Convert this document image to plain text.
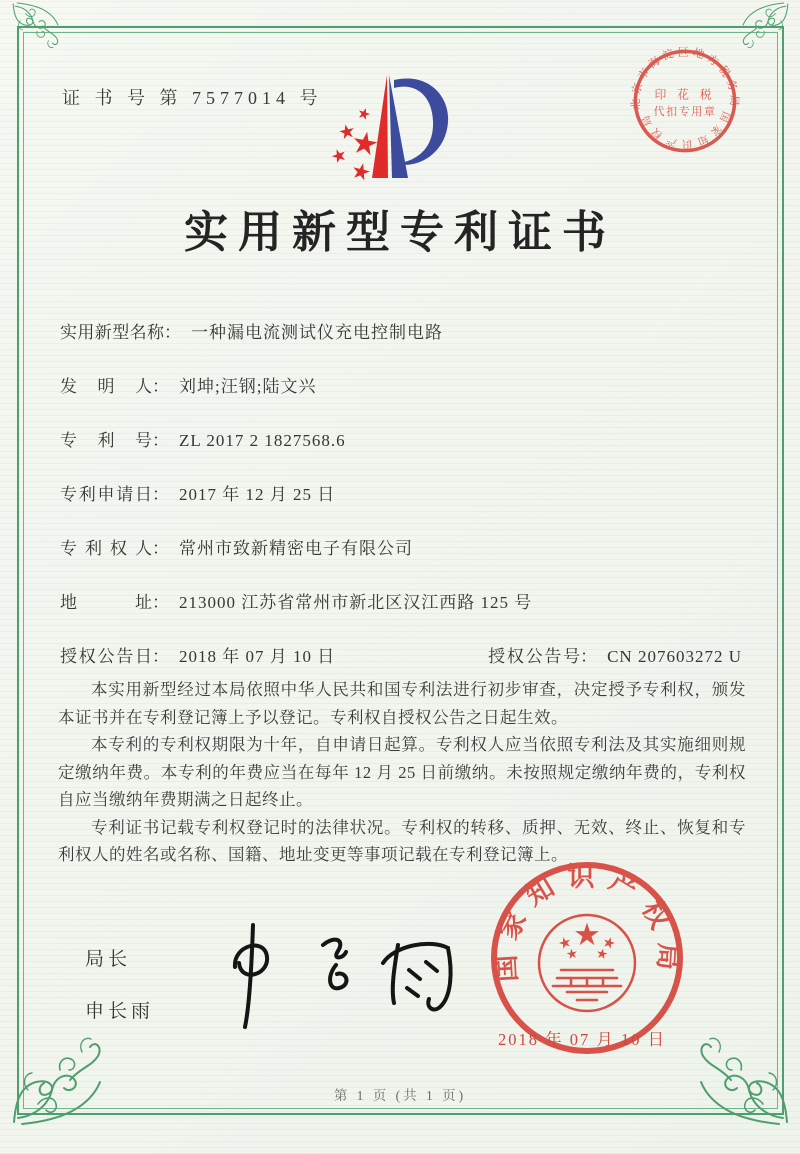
证 书 号 第 7577014 号	北京市海淀区地方税务局
国家知识产权局
印 花 税
代扣专用章
实用新型专利证书
实用新型名称： 一种漏电流测试仪充电控制电路
发明人： 刘坤;汪钢;陆文兴
专利号： ZL 2017 2 1827568.6
专利申请日： 2017 年 12 月 25 日
专利权人： 常州市致新精密电子有限公司
地址： 213000 江苏省常州市新北区汉江西路 125 号
授权公告日： 2018 年 07 月 10 日	授权公告号： CN 207603272 U

本实用新型经过本局依照中华人民共和国专利法进行初步审查，决定授予专利权，颁发本证书并在专利登记簿上予以登记。专利权自授权公告之日起生效。

本专利的专利权期限为十年，自申请日起算。专利权人应当依照专利法及其实施细则规定缴纳年费。本专利的年费应当在每年 12 月 25 日前缴纳。未按照规定缴纳年费的，专利权自应当缴纳年费期满之日起终止。

专利证书记载专利权登记时的法律状况。专利权的转移、质押、无效、终止、恢复和专利权人的姓名或名称、国籍、地址变更等事项记载在专利登记簿上。

局长
申长雨
国家知识产权局
2018 年 07 月 10 日
第 1 页 (共 1 页)
